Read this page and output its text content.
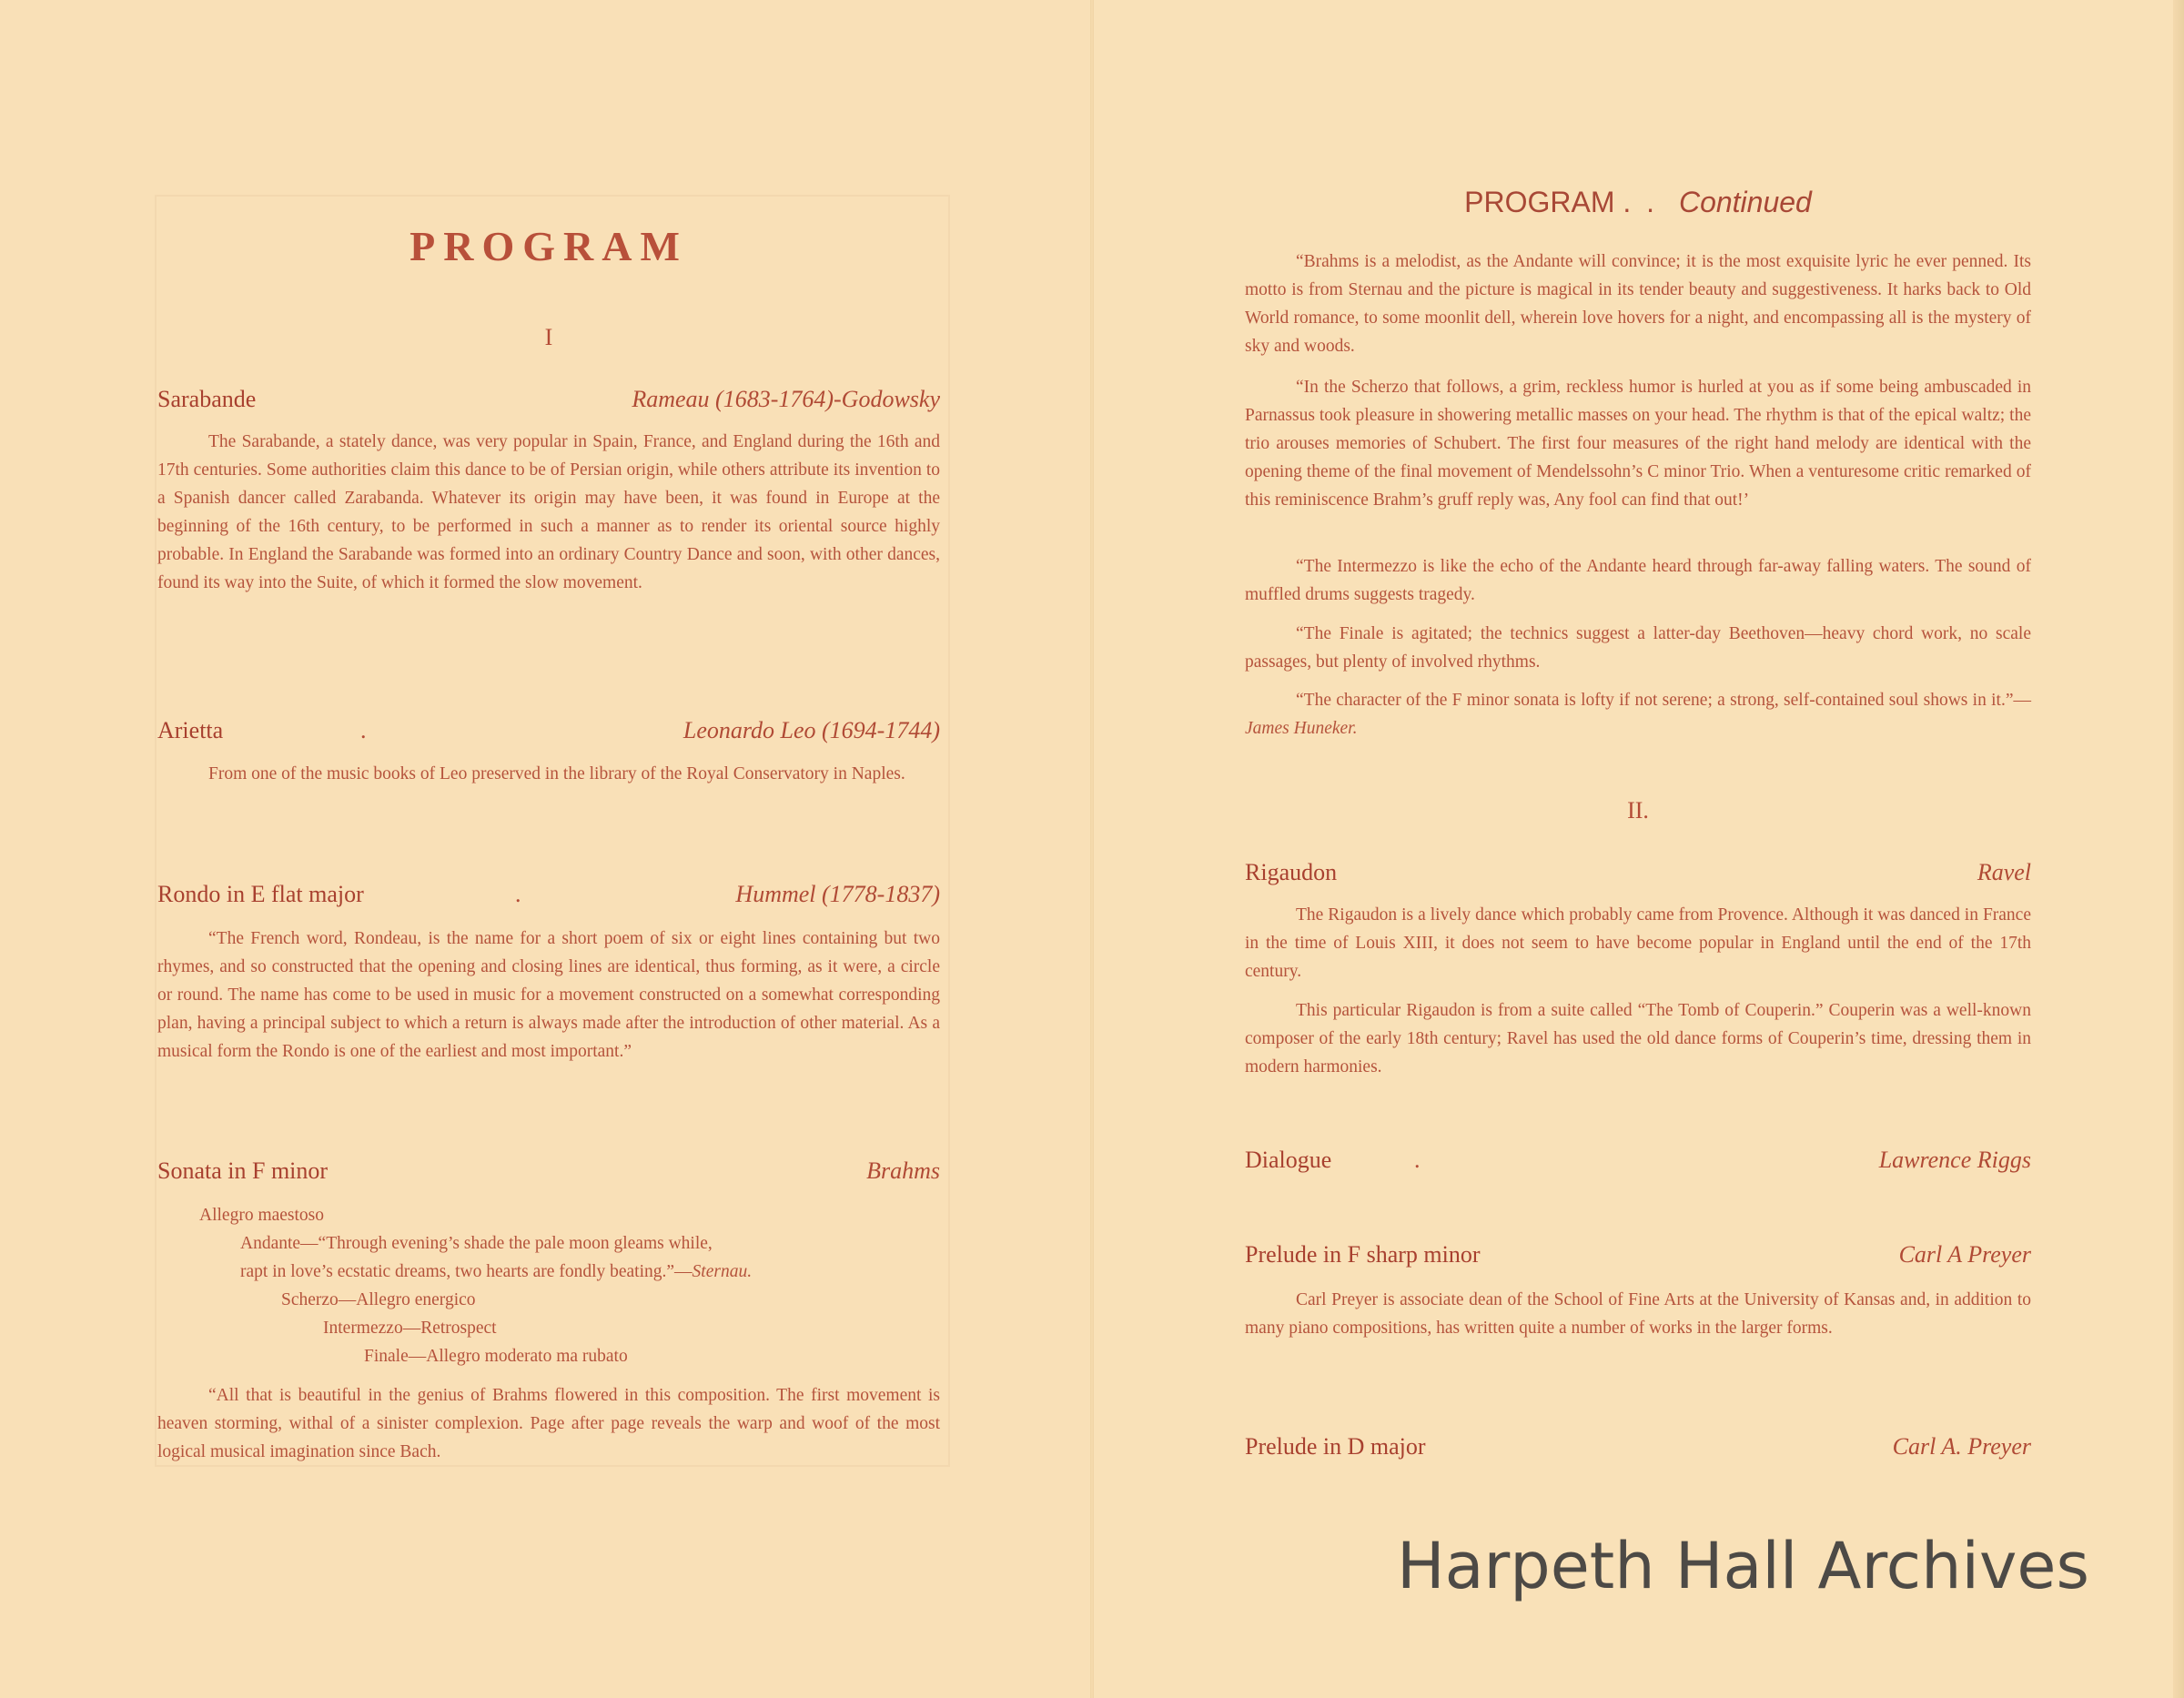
PROGRAM
I
Sarabande	Rameau (1683-1764)-Godowsky

The Sarabande, a stately dance, was very popular in Spain, France, and England during the 16th and 17th centuries. Some authorities claim this dance to be of Persian origin, while others attribute its invention to a Spanish dancer called Zarabanda. Whatever its origin may have been, it was found in Europe at the beginning of the 16th century, to be performed in such a manner as to render its oriental source highly probable. In England the Sarabande was formed into an ordinary Country Dance and soon, with other dances, found its way into the Suite, of which it formed the slow movement.

Arietta	.	Leonardo Leo (1694-1744)

From one of the music books of Leo preserved in the library of the Royal Conservatory in Naples.

Rondo in E flat major	.	Hummel (1778-1837)

“The French word, Rondeau, is the name for a short poem of six or eight lines containing but two rhymes, and so constructed that the opening and closing lines are identical, thus forming, as it were, a circle or round. The name has come to be used in music for a movement constructed on a somewhat corresponding plan, having a principal subject to which a return is always made after the introduction of other material. As a musical form the Rondo is one of the earliest and most important.”

Sonata in F minor	Brahms
Allegro maestoso
Andante—“Through evening’s shade the pale moon gleams while,
rapt in love’s ecstatic dreams, two hearts are fondly beating.”—Sternau.
Scherzo—Allegro energico
Intermezzo—Retrospect
Finale—Allegro moderato ma rubato

“All that is beautiful in the genius of Brahms flowered in this composition. The first movement is heaven storming, withal of a sinister complexion. Page after page reveals the warp and woof of the most logical musical imagination since Bach.

PROGRAM . . Continued

“Brahms is a melodist, as the Andante will convince; it is the most exquisite lyric he ever penned. Its motto is from Sternau and the picture is magical in its tender beauty and suggestiveness. It harks back to Old World romance, to some moonlit dell, wherein love hovers for a night, and encompassing all is the mystery of sky and woods.

“In the Scherzo that follows, a grim, reckless humor is hurled at you as if some being ambuscaded in Parnassus took pleasure in showering metallic masses on your head. The rhythm is that of the epical waltz; the trio arouses memories of Schubert. The first four measures of the right hand melody are identical with the opening theme of the final movement of Mendelssohn’s C minor Trio. When a venturesome critic remarked of this reminiscence Brahm’s gruff reply was, Any fool can find that out!’

“The Intermezzo is like the echo of the Andante heard through far-away falling waters. The sound of muffled drums suggests tragedy.

“The Finale is agitated; the technics suggest a latter-day Beethoven—heavy chord work, no scale passages, but plenty of involved rhythms.

“The character of the F minor sonata is lofty if not serene; a strong, self-contained soul shows in it.”—James Huneker.

II.
Rigaudon	Ravel

The Rigaudon is a lively dance which probably came from Provence. Although it was danced in France in the time of Louis XIII, it does not seem to have become popular in England until the end of the 17th century.

This particular Rigaudon is from a suite called “The Tomb of Couperin.” Couperin was a well-known composer of the early 18th century; Ravel has used the old dance forms of Couperin’s time, dressing them in modern harmonies.

Dialogue	.	Lawrence Riggs
Prelude in F sharp minor	Carl A Preyer

Carl Preyer is associate dean of the School of Fine Arts at the University of Kansas and, in addition to many piano compositions, has written quite a number of works in the larger forms.

Prelude in D major	Carl A. Preyer
Harpeth Hall Archives
